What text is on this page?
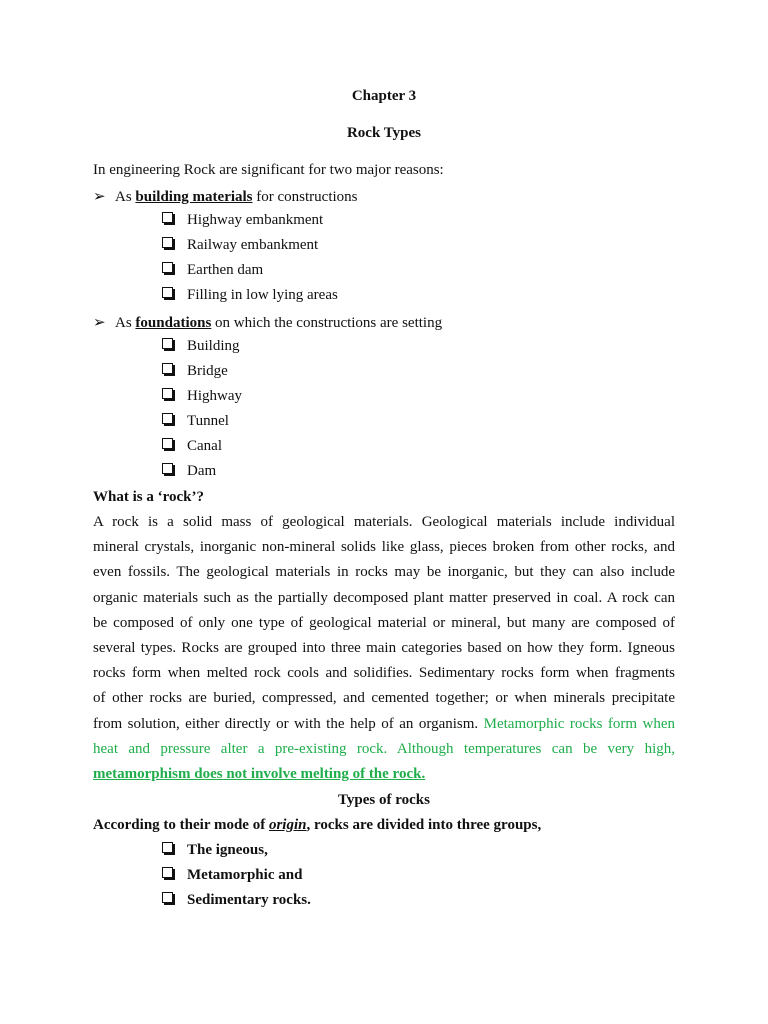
Chapter 3
Rock Types
In engineering Rock are significant for two major reasons:
➢ As building materials for constructions
Highway embankment
Railway embankment
Earthen dam
Filling in low lying areas
➢ As foundations on which the constructions are setting
Building
Bridge
Highway
Tunnel
Canal
Dam
What is a ‘rock’?
A rock is a solid mass of geological materials. Geological materials include individual
mineral crystals, inorganic non-mineral solids like glass, pieces broken from other rocks, and
even fossils. The geological materials in rocks may be inorganic, but they can also include
organic materials such as the partially decomposed plant matter preserved in coal. A rock can
be composed of only one type of geological material or mineral, but many are composed of
several types. Rocks are grouped into three main categories based on how they form. Igneous
rocks form when melted rock cools and solidifies. Sedimentary rocks form when fragments
of other rocks are buried, compressed, and cemented together; or when minerals precipitate
from solution, either directly or with the help of an organism. Metamorphic rocks form when
heat and pressure alter a pre-existing rock. Although temperatures can be very high,
metamorphism does not involve melting of the rock.
Types of rocks
According to their mode of origin, rocks are divided into three groups,
The igneous,
Metamorphic and
Sedimentary rocks.
